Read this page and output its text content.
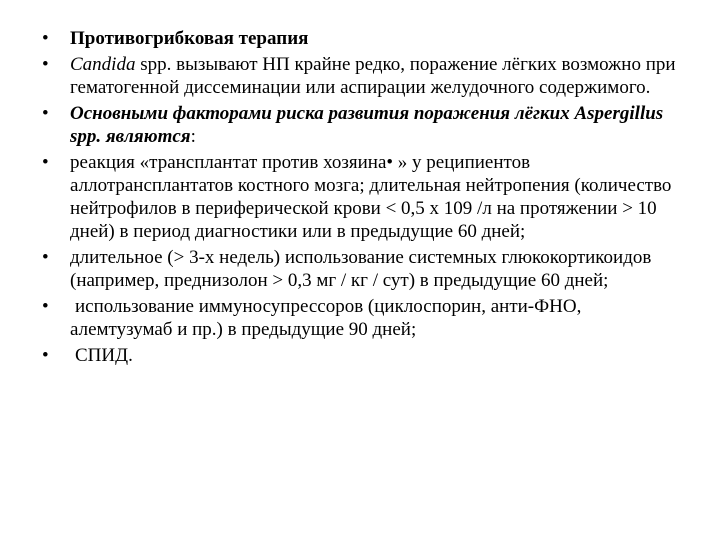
•	Противогрибковая терапия
•	Candida spp. вызывают НП крайне редко, поражение лёгких возможно при гематогенной диссеминации или аспирации желудочного содержимого.
•	Основными факторами риска развития поражения лёгких Aspergillus spp. являются:
•	реакция «трансплантат против хозяина• » у реципиентов аллотрансплантатов костного мозга; длительная нейтропения (количество нейтрофилов в периферической крови < 0,5 х 109 /л на протяжении > 10 дней) в период диагностики или в предыдущие 60 дней;
•	длительное (> 3-х недель) использование системных глюкокортикоидов (например, преднизолон > 0,3 мг / кг / сут) в предыдущие 60 дней;
•	использование иммуносупрессоров (циклоспорин, анти-ФНО, алемтузумаб и пр.) в предыдущие 90 дней;
•	СПИД.
